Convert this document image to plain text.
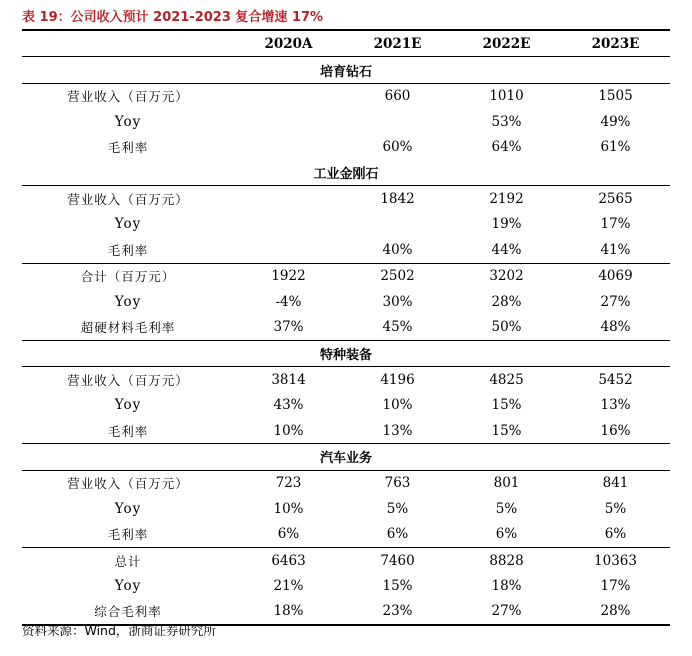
表 19：公司收入预计 2021-2023 复合增速 17%
	2020A	2021E	2022E	2023E
培育钻石				
营业收入（百万元）		660	1010	1505
Yoy			53%	49%
毛利率		60%	64%	61%
工业金刚石				
营业收入（百万元）		1842	2192	2565
Yoy			19%	17%
毛利率		40%	44%	41%
合计（百万元）	1922	2502	3202	4069
Yoy	-4%	30%	28%	27%
超硬材料毛利率	37%	45%	50%	48%
特种装备				
营业收入（百万元）	3814	4196	4825	5452
Yoy	43%	10%	15%	13%
毛利率	10%	13%	15%	16%
汽车业务				
营业收入（百万元）	723	763	801	841
Yoy	10%	5%	5%	5%
毛利率	6%	6%	6%	6%
总计	6463	7460	8828	10363
Yoy	21%	15%	18%	17%
综合毛利率	18%	23%	27%	28%
资料来源：Wind，浙商证券研究所
